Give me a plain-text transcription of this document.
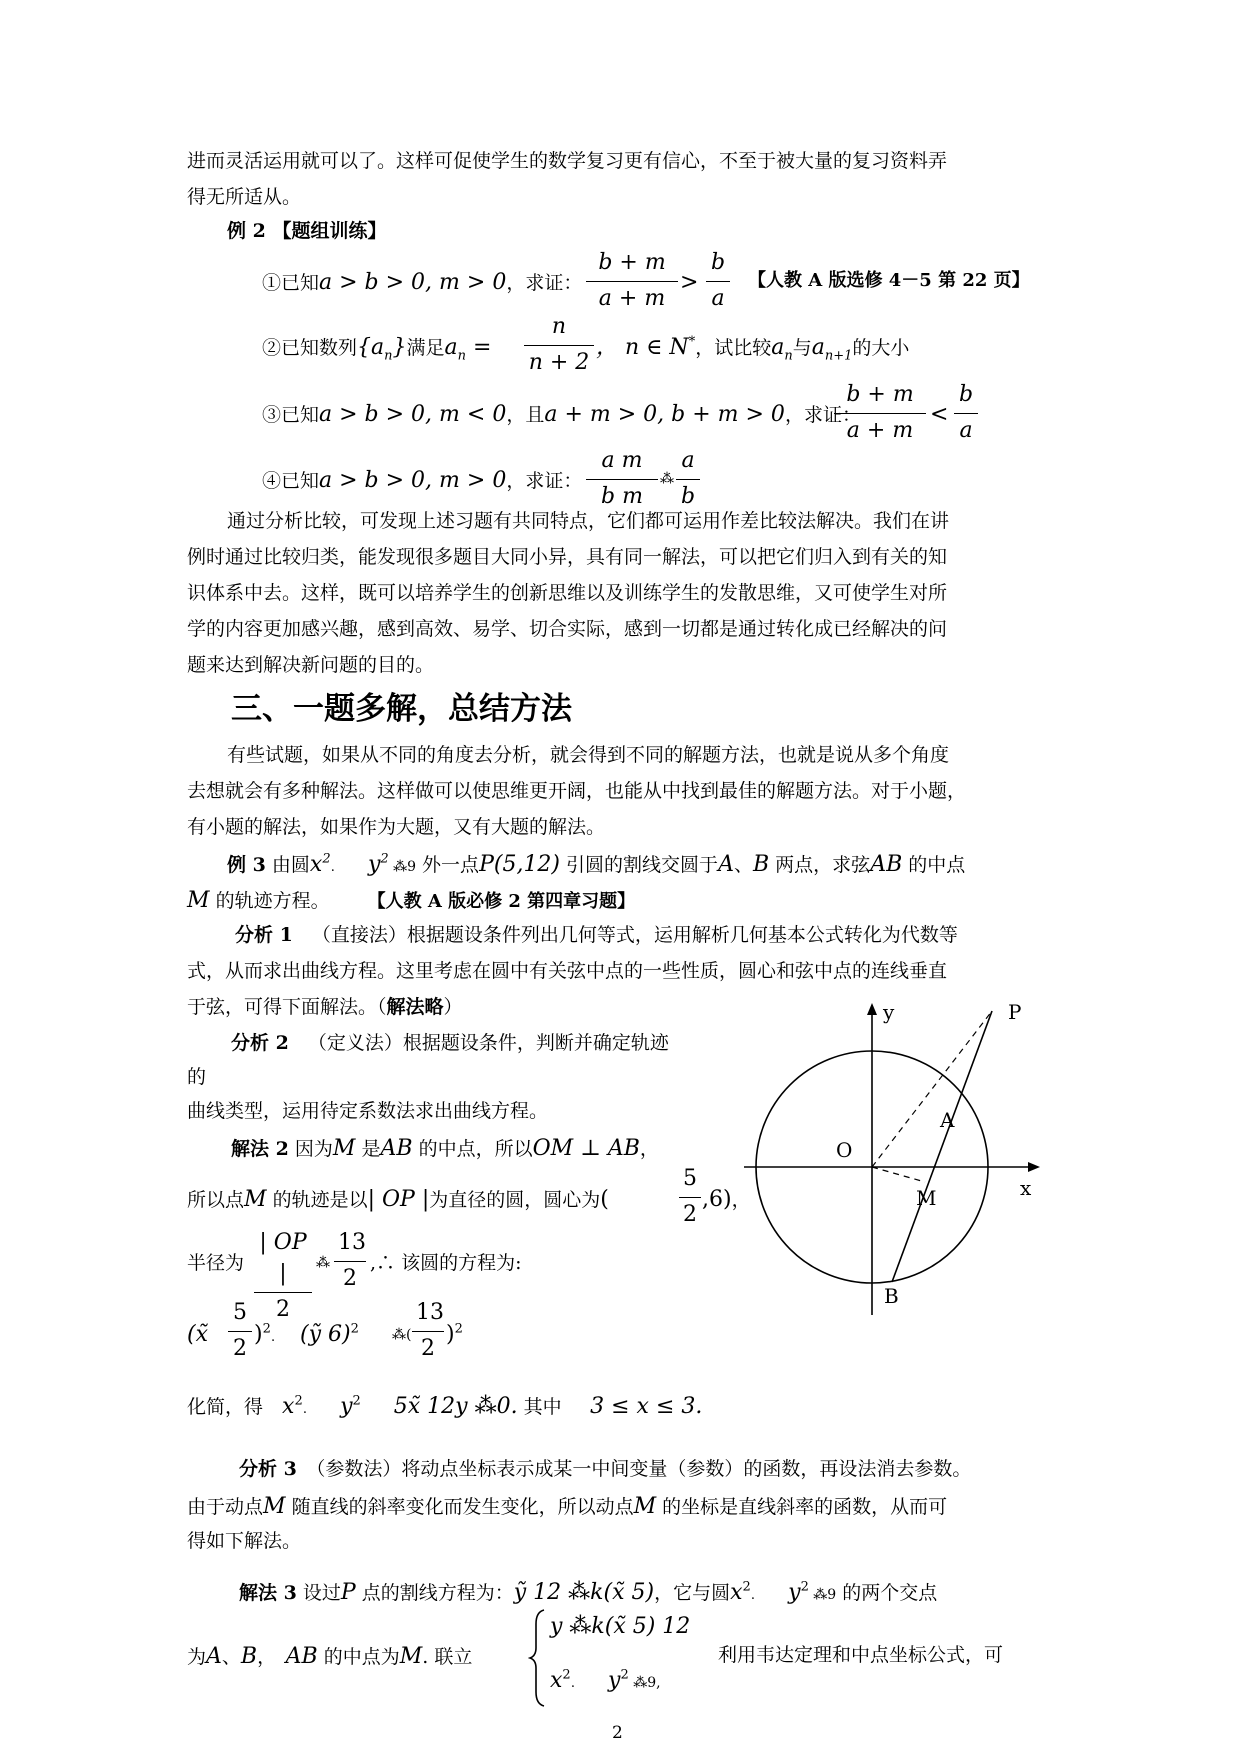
进而灵活运用就可以了。这样可促使学生的数学复习更有信心，不至于被大量的复习资料弄
得无所适从。
例 2 【题组训练】
①已知a > b > 0, m > 0，求证：
b + m
a + m
>
b
a
【人教 A 版选修 4－5 第 22 页】
②已知数列$\{a_n\}$满足$a_n$ =
n
n + 2
， n ∈ N*，试比较$a_n$与$a_{n+1}$的大小
③已知a > b > 0, m < 0，且a + m > 0, b + m > 0，求证：
b + m
a + m
<
b
a
④已知a > b > 0, m > 0，求证：
a m
b m
⁂
a
b
通过分析比较，可发现上述习题有共同特点，它们都可运用作差比较法解决。我们在讲
例时通过比较归类，能发现很多题目大同小异，具有同一解法，可以把它们归入到有关的知
识体系中去。这样，既可以培养学生的创新思维以及训练学生的发散思维，又可使学生对所
学的内容更加感兴趣，感到高效、易学、切合实际，感到一切都是通过转化成已经解决的问
题来达到解决新问题的目的。
三、一题多解，总结方法
有些试题，如果从不同的角度去分析，就会得到不同的解题方法，也就是说从多个角度
去想就会有多种解法。这样做可以使思维更开阔，也能从中找到最佳的解题方法。对于小题，
有小题的解法，如果作为大题，又有大题的解法。
例 3 由圆$x^2․$   $y^2$ ⁂9 外一点P(5,12) 引圆的割线交圆于A、B 两点，求弦AB 的中点
M 的轨迹方程。   【人教 A 版必修 2 第四章习题】
分析 1  （直接法）根据题设条件列出几何等式，运用解析几何基本公式转化为代数等
式，从而求出曲线方程。这里考虑在圆中有关弦中点的一些性质，圆心和弦中点的连线垂直
于弦，可得下面解法。（解法略）
分析 2  （定义法）根据题设条件，判断并确定轨迹
的
曲线类型，运用待定系数法求出曲线方程。
解法 2 因为M 是AB 的中点，所以OM ⊥ AB，
所以点M 的轨迹是以| OP |为直径的圆，圆心为(
5
2
,6)，
半径为
| OP |
2
⁂
13
2
,∴ 该圆的方程为:
(x̃
5
2
)$^2$․ (ỹ 6)$^2$ ⁂(
13
2
)$^2$
化简，得  $x^2․$   $y^2$   5x̃ 12y ⁂0. 其中   3 ≤ x ≤ 3.
分析 3  （参数法）将动点坐标表示成某一中间变量（参数）的函数，再设法消去参数。
由于动点M 随直线的斜率变化而发生变化，所以动点M 的坐标是直线斜率的函数，从而可
得如下解法。
解法 3 设过P 点的割线方程为：ỹ 12 ⁂k(x̃ 5)，它与圆$x^2․$   $y^2$ ⁂9 的两个交点
为A、B，  AB 的中点为M. 联立
y ⁂k(x̃ 5) 12
$x^2․$   $y^2$ ⁂9,
利用韦达定理和中点坐标公式，可
y	P
O
A
x
M
B
2
